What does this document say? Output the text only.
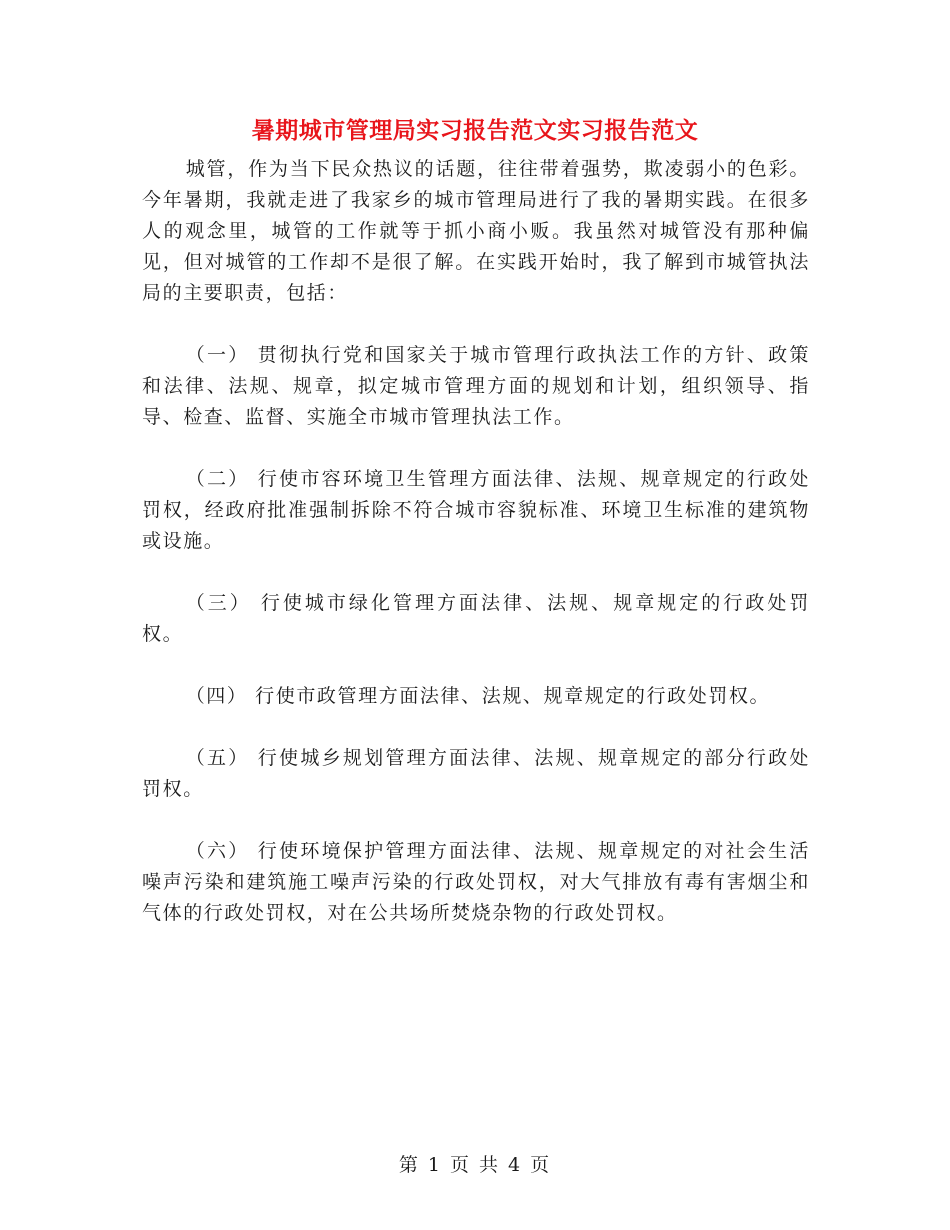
暑期城市管理局实习报告范文实习报告范文

城管，作为当下民众热议的话题，往往带着强势，欺凌弱小的色彩。今年暑期，我就走进了我家乡的城市管理局进行了我的暑期实践。在很多人的观念里，城管的工作就等于抓小商小贩。我虽然对城管没有那种偏见，但对城管的工作却不是很了解。在实践开始时，我了解到市城管执法局的主要职责，包括：

（一） 贯彻执行党和国家关于城市管理行政执法工作的方针、政策和法律、法规、规章，拟定城市管理方面的规划和计划，组织领导、指导、检查、监督、实施全市城市管理执法工作。

（二） 行使市容环境卫生管理方面法律、法规、规章规定的行政处罚权，经政府批准强制拆除不符合城市容貌标准、环境卫生标准的建筑物或设施。

（三） 行使城市绿化管理方面法律、法规、规章规定的行政处罚权。

（四） 行使市政管理方面法律、法规、规章规定的行政处罚权。

（五） 行使城乡规划管理方面法律、法规、规章规定的部分行政处罚权。

（六） 行使环境保护管理方面法律、法规、规章规定的对社会生活噪声污染和建筑施工噪声污染的行政处罚权，对大气排放有毒有害烟尘和气体的行政处罚权，对在公共场所焚烧杂物的行政处罚权。

第 1 页 共 4 页
